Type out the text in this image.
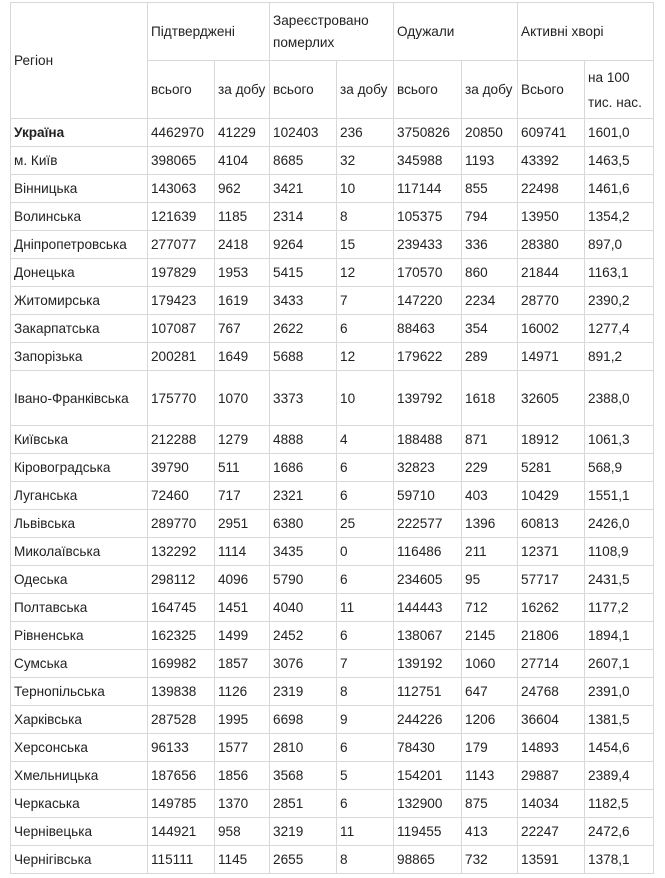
Регіон	Підтверджені		Зареєстровано померлих		Одужали		Активні хворі	
	всього	за добу	всього	за добу	всього	за добу	Всього	на 100 тис. нас.
Україна	4462970	41229	102403	236	3750826	20850	609741	1601,0
м. Київ	398065	4104	8685	32	345988	1193	43392	1463,5
Вінницька	143063	962	3421	10	117144	855	22498	1461,6
Волинська	121639	1185	2314	8	105375	794	13950	1354,2
Дніпропетровська	277077	2418	9264	15	239433	336	28380	897,0
Донецька	197829	1953	5415	12	170570	860	21844	1163,1
Житомирська	179423	1619	3433	7	147220	2234	28770	2390,2
Закарпатська	107087	767	2622	6	88463	354	16002	1277,4
Запорізька	200281	1649	5688	12	179622	289	14971	891,2
Івано-Франківська	175770	1070	3373	10	139792	1618	32605	2388,0
Київська	212288	1279	4888	4	188488	871	18912	1061,3
Кіровоградська	39790	511	1686	6	32823	229	5281	568,9
Луганська	72460	717	2321	6	59710	403	10429	1551,1
Львівська	289770	2951	6380	25	222577	1396	60813	2426,0
Миколаївська	132292	1114	3435	0	116486	211	12371	1108,9
Одеська	298112	4096	5790	6	234605	95	57717	2431,5
Полтавська	164745	1451	4040	11	144443	712	16262	1177,2
Рівненська	162325	1499	2452	6	138067	2145	21806	1894,1
Сумська	169982	1857	3076	7	139192	1060	27714	2607,1
Тернопільська	139838	1126	2319	8	112751	647	24768	2391,0
Харківська	287528	1995	6698	9	244226	1206	36604	1381,5
Херсонська	96133	1577	2810	6	78430	179	14893	1454,6
Хмельницька	187656	1856	3568	5	154201	1143	29887	2389,4
Черкаська	149785	1370	2851	6	132900	875	14034	1182,5
Чернівецька	144921	958	3219	11	119455	413	22247	2472,6
Чернігівська	115111	1145	2655	8	98865	732	13591	1378,1
